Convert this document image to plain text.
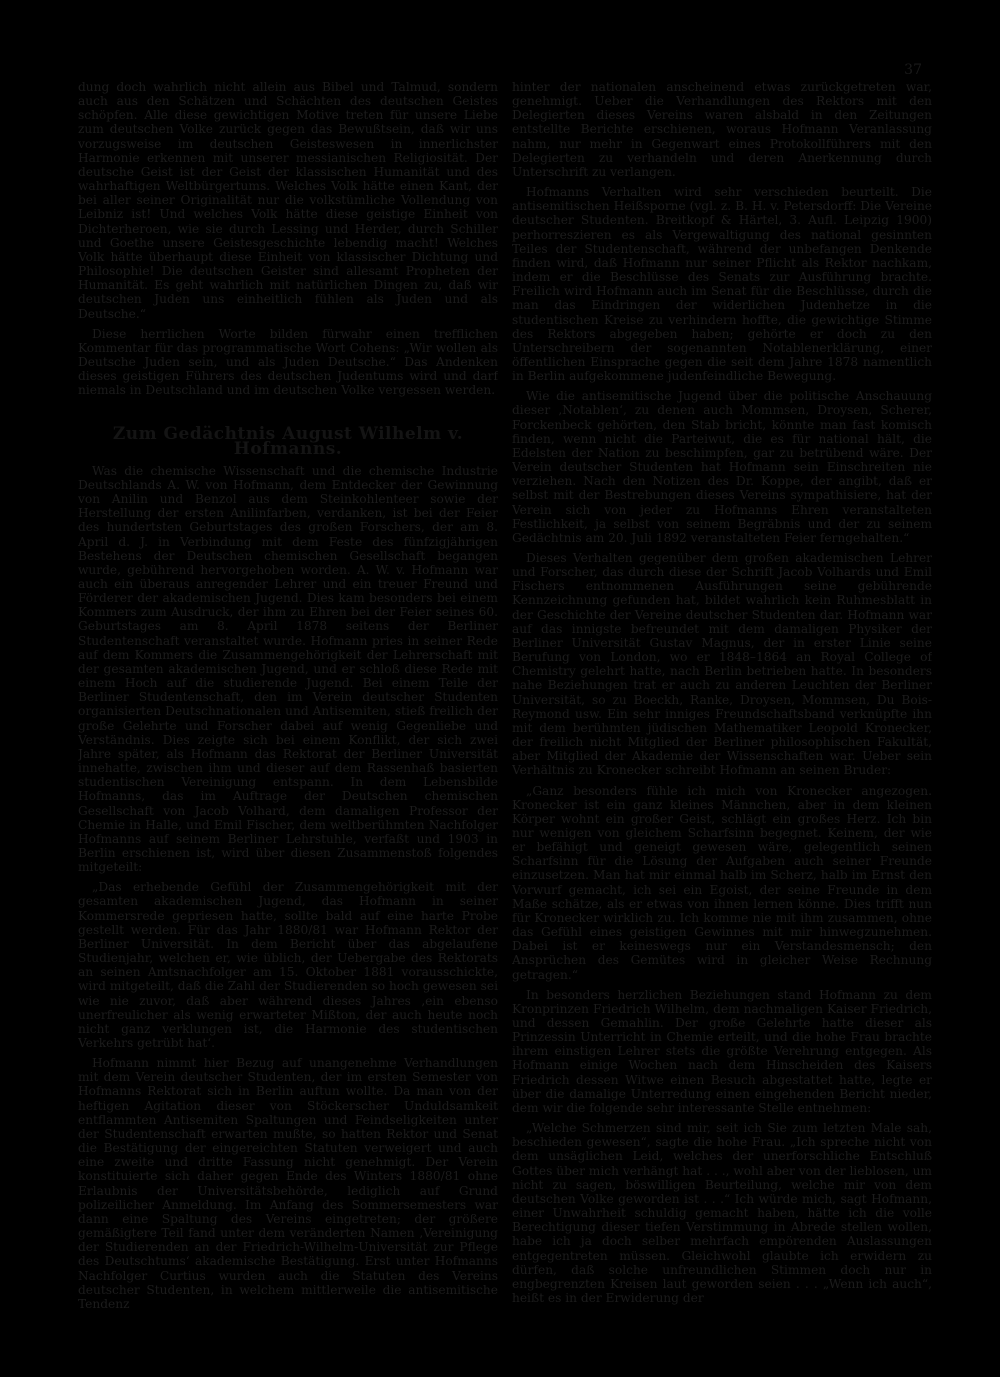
37

dung doch wahrlich nicht allein aus Bibel und Talmud, sondern auch aus den Schätzen und Schächten des deutschen Geistes schöpfen. Alle diese gewichtigen Motive treten für unsere Liebe zum deutschen Volke zurück gegen das Bewußtsein, daß wir uns vorzugsweise im deutschen Geisteswesen in innerlichster Harmonie erkennen mit unserer messianischen Religiosität. Der deutsche Geist ist der Geist der klassischen Humanität und des wahrhaftigen Weltbürgertums. Welches Volk hätte einen Kant, der bei aller seiner Originalität nur die volkstümliche Vollendung von Leibniz ist! Und welches Volk hätte diese geistige Einheit von Dichterheroen, wie sie durch Lessing und Herder, durch Schiller und Goethe unsere Geistesgeschichte lebendig macht! Welches Volk hätte überhaupt diese Einheit von klassischer Dichtung und Philosophie! Die deutschen Geister sind allesamt Propheten der Humanität. Es geht wahrlich mit natürlichen Dingen zu, daß wir deutschen Juden uns einheitlich fühlen als Juden und als Deutsche.“

Diese herrlichen Worte bilden fürwahr einen trefflichen Kommentar für das programmatische Wort Cohens: „Wir wollen als Deutsche Juden sein, und als Juden Deutsche.“ Das Andenken dieses geistigen Führers des deutschen Judentums wird und darf niemals in Deutschland und im deutschen Volke vergessen werden.

Zum Gedächtnis August Wilhelm v. Hofmanns.

Was die chemische Wissenschaft und die chemische Industrie Deutschlands A. W. von Hofmann, dem Entdecker der Gewinnung von Anilin und Benzol aus dem Steinkohlenteer sowie der Herstellung der ersten Anilinfarben, verdanken, ist bei der Feier des hundertsten Geburtstages des großen Forschers, der am 8. April d. J. in Verbindung mit dem Feste des fünfzigjährigen Bestehens der Deutschen chemischen Gesellschaft begangen wurde, gebührend hervorgehoben worden. A. W. v. Hofmann war auch ein überaus anregender Lehrer und ein treuer Freund und Förderer der akademischen Jugend. Dies kam besonders bei einem Kommers zum Ausdruck, der ihm zu Ehren bei der Feier seines 60. Geburtstages am 8. April 1878 seitens der Berliner Studentenschaft veranstaltet wurde. Hofmann pries in seiner Rede auf dem Kommers die Zusammengehörigkeit der Lehrerschaft mit der gesamten akademischen Jugend, und er schloß diese Rede mit einem Hoch auf die studierende Jugend. Bei einem Teile der Berliner Studentenschaft, den im Verein deutscher Studenten organisierten Deutschnationalen und Antisemiten, stieß freilich der große Gelehrte und Forscher dabei auf wenig Gegenliebe und Verständnis. Dies zeigte sich bei einem Konflikt, der sich zwei Jahre später, als Hofmann das Rektorat der Berliner Universität innehatte, zwischen ihm und dieser auf dem Rassenhaß basierten studentischen Vereinigung entspann. In dem Lebensbilde Hofmanns, das im Auftrage der Deutschen chemischen Gesellschaft von Jacob Volhard, dem damaligen Professor der Chemie in Halle, und Emil Fischer, dem weltberühmten Nachfolger Hofmanns auf seinem Berliner Lehrstuhle, verfaßt und 1903 in Berlin erschienen ist, wird über diesen Zusammenstoß folgendes mitgeteilt:

„Das erhebende Gefühl der Zusammengehörigkeit mit der gesamten akademischen Jugend, das Hofmann in seiner Kommersrede gepriesen hatte, sollte bald auf eine harte Probe gestellt werden. Für das Jahr 1880/81 war Hofmann Rektor der Berliner Universität. In dem Bericht über das abgelaufene Studienjahr, welchen er, wie üblich, der Uebergabe des Rektorats an seinen Amtsnachfolger am 15. Oktober 1881 vorausschickte, wird mitgeteilt, daß die Zahl der Studierenden so hoch gewesen sei wie nie zuvor, daß aber während dieses Jahres ‚ein ebenso unerfreulicher als wenig erwarteter Mißton, der auch heute noch nicht ganz verklungen ist, die Harmonie des studentischen Verkehrs getrübt hat‘.

Hofmann nimmt hier Bezug auf unangenehme Verhandlungen mit dem Verein deutscher Studenten, der im ersten Semester von Hofmanns Rektorat sich in Berlin auftun wollte. Da man von der heftigen Agitation dieser von Stöckerscher Unduldsamkeit entflammten Antisemiten Spaltungen und Feindseligkeiten unter der Studentenschaft erwarten mußte, so hatten Rektor und Senat die Bestätigung der eingereichten Statuten verweigert und auch eine zweite und dritte Fassung nicht genehmigt. Der Verein konstituierte sich daher gegen Ende des Winters 1880/81 ohne Erlaubnis der Universitätsbehörde, lediglich auf Grund polizeilicher Anmeldung. Im Anfang des Sommersemesters war dann eine Spaltung des Vereins eingetreten; der größere gemäßigtere Teil fand unter dem veränderten Namen ‚Vereinigung der Studierenden an der Friedrich-Wilhelm-Universität zur Pflege des Deutschtums‘ akademische Bestätigung. Erst unter Hofmanns Nachfolger Curtius wurden auch die Statuten des Vereins deutscher Studenten, in welchem mittlerweile die antisemitische Tendenz

hinter der nationalen anscheinend etwas zurückgetreten war, genehmigt. Ueber die Verhandlungen des Rektors mit den Delegierten dieses Vereins waren alsbald in den Zeitungen entstellte Berichte erschienen, woraus Hofmann Veranlassung nahm, nur mehr in Gegenwart eines Protokollführers mit den Delegierten zu verhandeln und deren Anerkennung durch Unterschrift zu verlangen.

Hofmanns Verhalten wird sehr verschieden beurteilt. Die antisemitischen Heißsporne (vgl. z. B. H. v. Petersdorff: Die Vereine deutscher Studenten. Breitkopf & Härtel, 3. Aufl. Leipzig 1900) perhorreszieren es als Vergewaltigung des national gesinnten Teiles der Studentenschaft, während der unbefangen Denkende finden wird, daß Hofmann nur seiner Pflicht als Rektor nachkam, indem er die Beschlüsse des Senats zur Ausführung brachte. Freilich wird Hofmann auch im Senat für die Beschlüsse, durch die man das Eindringen der widerlichen Judenhetze in die studentischen Kreise zu verhindern hoffte, die gewichtige Stimme des Rektors abgegeben haben; gehörte er doch zu den Unterschreibern der sogenannten Notablenerklärung, einer öffentlichen Einsprache gegen die seit dem Jahre 1878 namentlich in Berlin aufgekommene judenfeindliche Bewegung.

Wie die antisemitische Jugend über die politische Anschauung dieser ‚Notablen‘, zu denen auch Mommsen, Droysen, Scherer, Forckenbeck gehörten, den Stab bricht, könnte man fast komisch finden, wenn nicht die Parteiwut, die es für national hält, die Edelsten der Nation zu beschimpfen, gar zu betrübend wäre. Der Verein deutscher Studenten hat Hofmann sein Einschreiten nie verziehen. Nach den Notizen des Dr. Koppe, der angibt, daß er selbst mit der Bestrebungen dieses Vereins sympathisiere, hat der Verein sich von jeder zu Hofmanns Ehren veranstalteten Festlichkeit, ja selbst von seinem Begräbnis und der zu seinem Gedächtnis am 20. Juli 1892 veranstalteten Feier ferngehalten.“

Dieses Verhalten gegenüber dem großen akademischen Lehrer und Forscher, das durch diese der Schrift Jacob Volhards und Emil Fischers entnommenen Ausführungen seine gebührende Kennzeichnung gefunden hat, bildet wahrlich kein Ruhmesblatt in der Geschichte der Vereine deutscher Studenten dar. Hofmann war auf das innigste befreundet mit dem damaligen Physiker der Berliner Universität Gustav Magnus, der in erster Linie seine Berufung von London, wo er 1848–1864 an Royal College of Chemistry gelehrt hatte, nach Berlin betrieben hatte. In besonders nahe Beziehungen trat er auch zu anderen Leuchten der Berliner Universität, so zu Boeckh, Ranke, Droysen, Mommsen, Du Bois-Reymond usw. Ein sehr inniges Freundschaftsband verknüpfte ihn mit dem berühmten jüdischen Mathematiker Leopold Kronecker, der freilich nicht Mitglied der Berliner philosophischen Fakultät, aber Mitglied der Akademie der Wissenschaften war. Ueber sein Verhältnis zu Kronecker schreibt Hofmann an seinen Bruder:

„Ganz besonders fühle ich mich von Kronecker angezogen. Kronecker ist ein ganz kleines Männchen, aber in dem kleinen Körper wohnt ein großer Geist, schlägt ein großes Herz. Ich bin nur wenigen von gleichem Scharfsinn begegnet. Keinem, der wie er befähigt und geneigt gewesen wäre, gelegentlich seinen Scharfsinn für die Lösung der Aufgaben auch seiner Freunde einzusetzen. Man hat mir einmal halb im Scherz, halb im Ernst den Vorwurf gemacht, ich sei ein Egoist, der seine Freunde in dem Maße schätze, als er etwas von ihnen lernen könne. Dies trifft nun für Kronecker wirklich zu. Ich komme nie mit ihm zusammen, ohne das Gefühl eines geistigen Gewinnes mit mir hinwegzunehmen. Dabei ist er keineswegs nur ein Verstandesmensch; den Ansprüchen des Gemütes wird in gleicher Weise Rechnung getragen.“

In besonders herzlichen Beziehungen stand Hofmann zu dem Kronprinzen Friedrich Wilhelm, dem nachmaligen Kaiser Friedrich, und dessen Gemahlin. Der große Gelehrte hatte dieser als Prinzessin Unterricht in Chemie erteilt, und die hohe Frau brachte ihrem einstigen Lehrer stets die größte Verehrung entgegen. Als Hofmann einige Wochen nach dem Hinscheiden des Kaisers Friedrich dessen Witwe einen Besuch abgestattet hatte, legte er über die damalige Unterredung einen eingehenden Bericht nieder, dem wir die folgende sehr interessante Stelle entnehmen:

„Welche Schmerzen sind mir, seit ich Sie zum letzten Male sah, beschieden gewesen“, sagte die hohe Frau. „Ich spreche nicht von dem unsäglichen Leid, welches der unerforschliche Entschluß Gottes über mich verhängt hat . . ., wohl aber von der lieblosen, um nicht zu sagen, böswilligen Beurteilung, welche mir von dem deutschen Volke geworden ist . . .“ Ich würde mich, sagt Hofmann, einer Unwahrheit schuldig gemacht haben, hätte ich die volle Berechtigung dieser tiefen Verstimmung in Abrede stellen wollen, habe ich ja doch selber mehrfach empörenden Auslassungen entgegentreten müssen. Gleichwohl glaubte ich erwidern zu dürfen, daß solche unfreundlichen Stimmen doch nur in engbegrenzten Kreisen laut geworden seien . . . „Wenn ich auch“, heißt es in der Erwiderung der
